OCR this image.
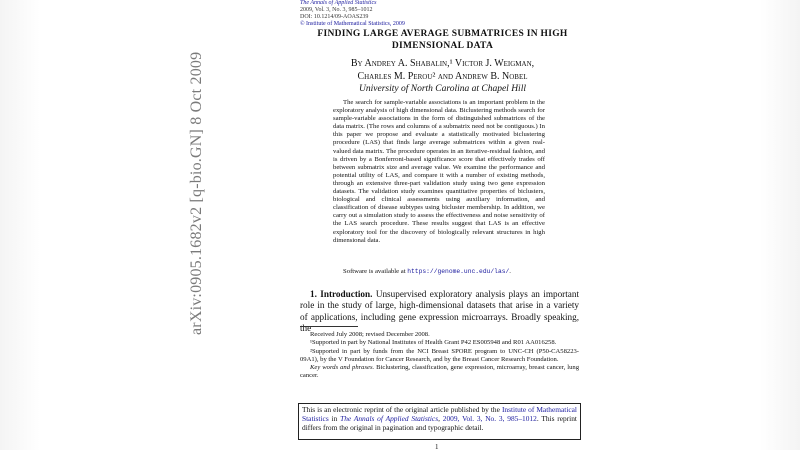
The Annals of Applied Statistics
2009, Vol. 3, No. 3, 985–1012
DOI: 10.1214/09-AOAS239
© Institute of Mathematical Statistics, 2009
arXiv:0905.1682v2 [q-bio.GN] 8 Oct 2009
FINDING LARGE AVERAGE SUBMATRICES IN HIGH
DIMENSIONAL DATA
By Andrey A. Shabalin,¹ Victor J. Weigman,
Charles M. Perou² and Andrew B. Nobel
University of North Carolina at Chapel Hill
The search for sample-variable associations is an important problem in the exploratory analysis of high dimensional data. Biclustering methods search for sample-variable associations in the form of distinguished submatrices of the data matrix. (The rows and columns of a submatrix need not be contiguous.) In this paper we propose and evaluate a statistically motivated biclustering procedure (LAS) that finds large average submatrices within a given real-valued data matrix. The procedure operates in an iterative-residual fashion, and is driven by a Bonferroni-based significance score that effectively trades off between submatrix size and average value. We examine the performance and potential utility of LAS, and compare it with a number of existing methods, through an extensive three-part validation study using two gene expression datasets. The validation study examines quantitative properties of biclusters, biological and clinical assessments using auxiliary information, and classification of disease subtypes using bicluster membership. In addition, we carry out a simulation study to assess the effectiveness and noise sensitivity of the LAS search procedure. These results suggest that LAS is an effective exploratory tool for the discovery of biologically relevant structures in high dimensional data.
Software is available at https://genome.unc.edu/las/.
1. Introduction. Unsupervised exploratory analysis plays an important role in the study of large, high-dimensional datasets that arise in a variety of applications, including gene expression microarrays. Broadly speaking, the

Received July 2008; revised December 2008.

¹Supported in part by National Institutes of Health Grant P42 ES005948 and R01 AA016258.

²Supported in part by funds from the NCI Breast SPORE program to UNC-CH (P50-CA58223-09A1), by the V Foundation for Cancer Research, and by the Breast Cancer Research Foundation.

Key words and phrases. Biclustering, classification, gene expression, microarray, breast cancer, lung cancer.

This is an electronic reprint of the original article published by the Institute of Mathematical Statistics in The Annals of Applied Statistics, 2009, Vol. 3, No. 3, 985–1012. This reprint differs from the original in pagination and typographic detail.
1
